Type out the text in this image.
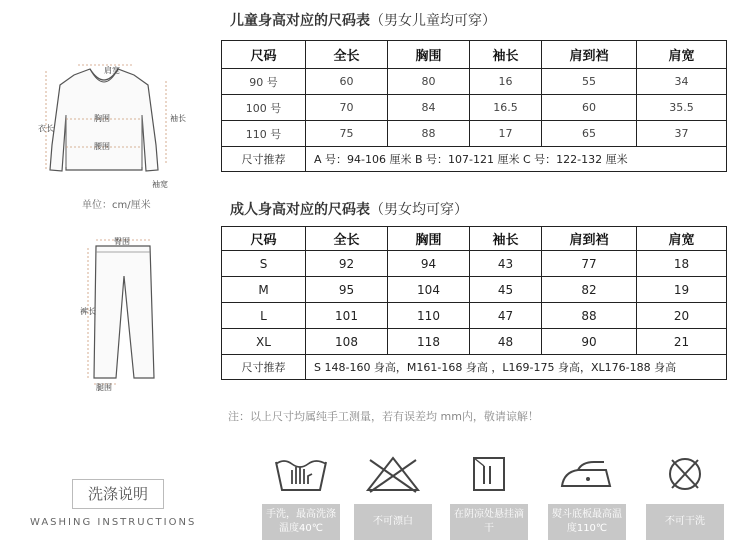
肩宽
胸围
腰围
衣长
袖长
袖宽
单位：cm/厘米
臀围
裤长
腿围
儿童身高对应的尺码表（男女儿童均可穿）
尺码	全长	胸围	袖长	肩到裆	肩宽
90 号	60	80	16	55	34
100 号	70	84	16.5	60	35.5
110 号	75	88	17	65	37
尺寸推荐	A 号：94-106 厘米 B 号：107-121 厘米 C 号：122-132 厘米				
成人身高对应的尺码表（男女均可穿）
尺码	全长	胸围	袖长	肩到裆	肩宽
S	92	94	43	77	18
M	95	104	45	82	19
L	101	110	47	88	20
XL	108	118	48	90	21
尺寸推荐	S 148-160 身高，M161-168 身高 ，L169-175 身高，XL176-188 身高				
注：以上尺寸均属纯手工测量，若有误差均 mm内，敬请谅解！
洗涤说明
WASHING INSTRUCTIONS
手洗，最高洗涤温度40℃
不可漂白
在阴凉处悬挂滴干
熨斗底板最高温度110℃
不可干洗
